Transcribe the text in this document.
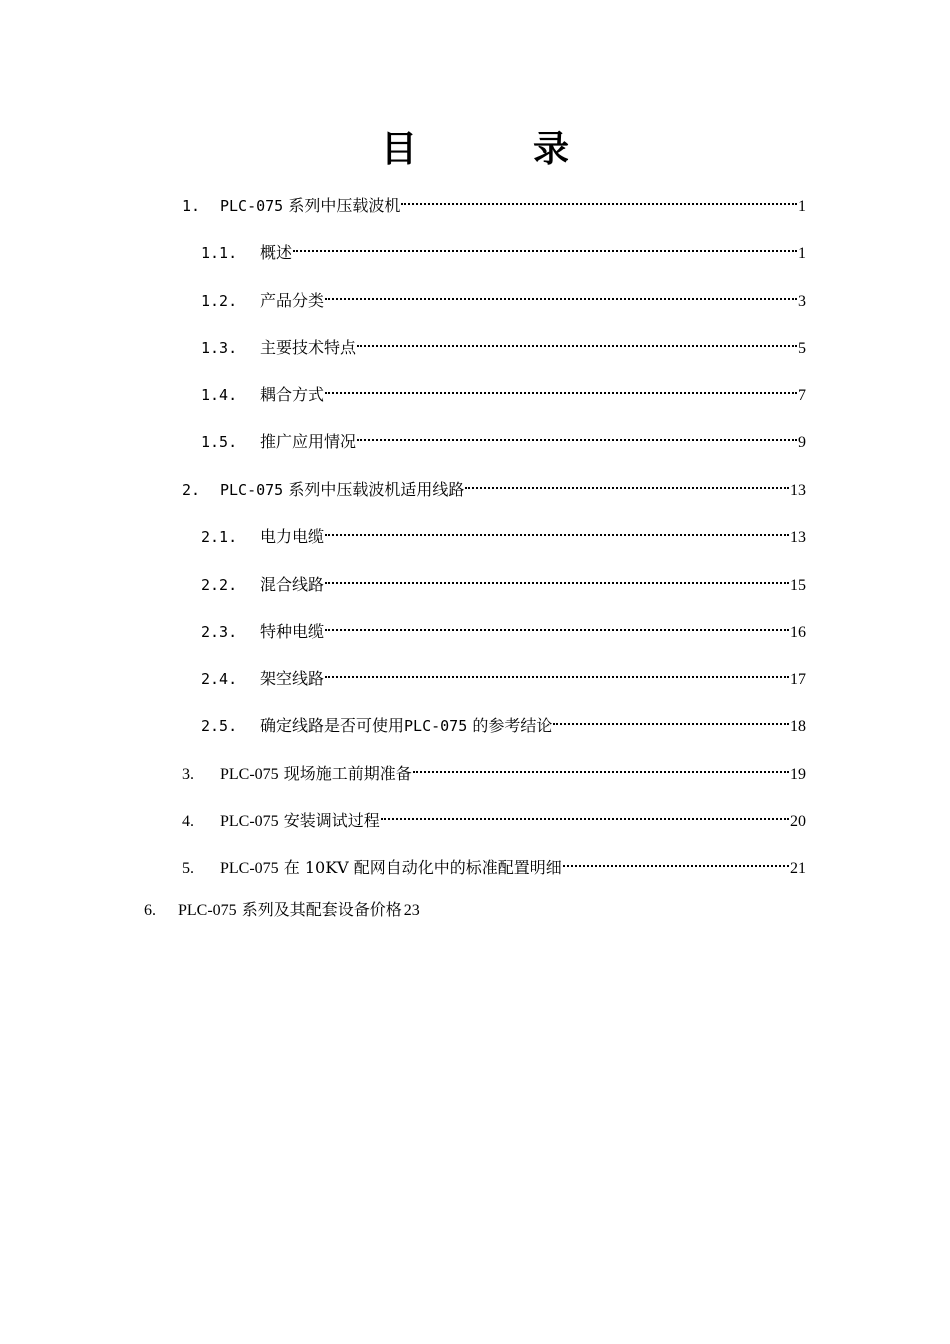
目　录
1.	PLC-075 系列中压载波机	1
1.1.	概述	1
1.2.	产品分类	3
1.3.	主要技术特点	5
1.4.	耦合方式	7
1.5.	推广应用情况	9
2.	PLC-075 系列中压载波机适用线路	13
2.1.	电力电缆	13
2.2.	混合线路	15
2.3.	特种电缆	16
2.4.	架空线路	17
2.5.	确定线路是否可使用PLC-075 的参考结论	18
3.	PLC-075 现场施工前期准备	19
4.	PLC-075 安装调试过程	20
5.	PLC-075 在 10KV 配网自动化中的标准配置明细	21
6.	PLC-075 系列及其配套设备价格 23
